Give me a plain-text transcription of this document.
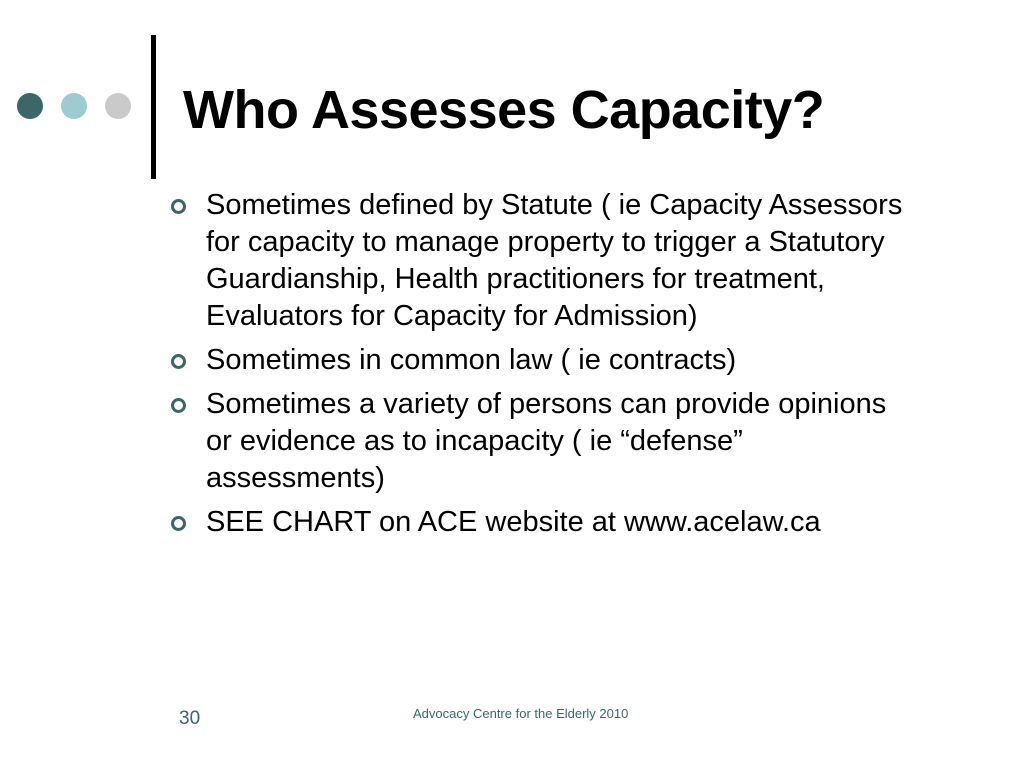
Who Assesses Capacity?
Sometimes defined by Statute ( ie Capacity Assessors for capacity to manage property to trigger a Statutory Guardianship, Health practitioners for treatment, Evaluators for Capacity for Admission)
Sometimes in common law ( ie contracts)
Sometimes a variety of persons can provide opinions or evidence as to incapacity ( ie “defense” assessments)
SEE CHART on ACE website at www.acelaw.ca
30	Advocacy Centre for the Elderly 2010
